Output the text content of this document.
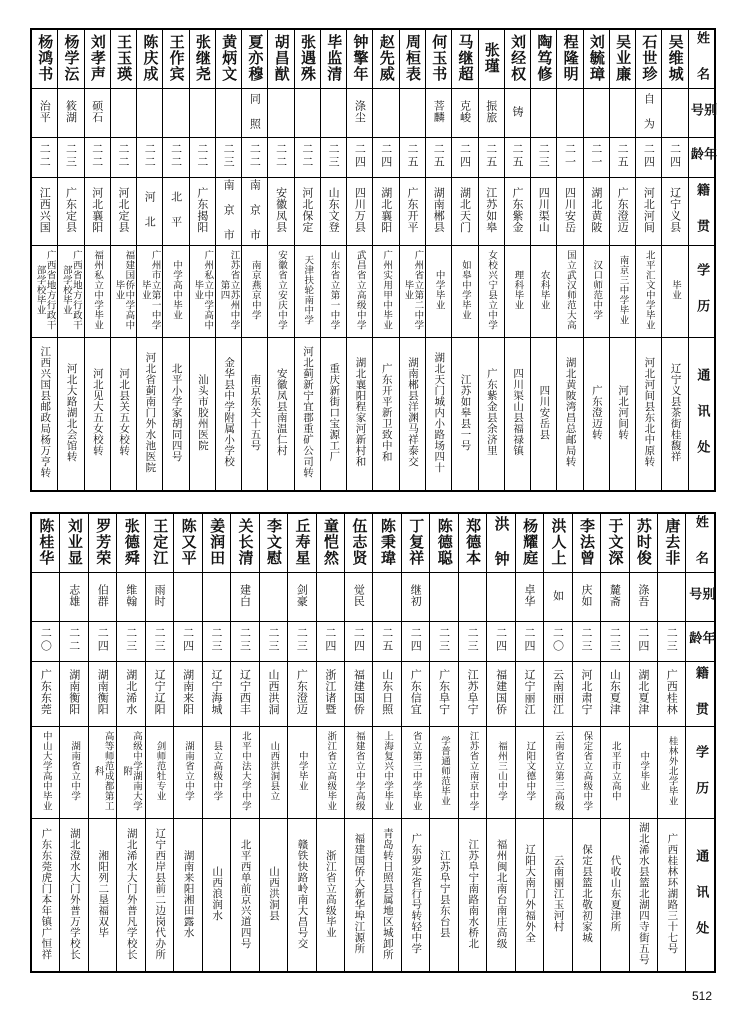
杨鸿书	杨学沄	刘孝声	王玉瑛	陈庆成	王作宾	张继尧	黄炳文	夏亦穆	胡昌猷	张遇殊	毕监清	钟擎年	赵先威	周桓表	何玉书	马继超	张瑾	刘经权	陶笃修	程隆明	刘毓璋	吴业廉	石世珍	吴维城	姓 名
治平	筱湖	硕石						同 照				涤尘			菩麟	克峻	振旅	铸					自 为		别 号
二二	二三	二二	二二	二二	二二	二二	二三	二二	二二	二二	二三	二四	二四	二五	二五	二四	二五	二五	二三	二一	二一	二五	二四	二四	年 龄
江西兴国	广东定县	河北襄阳	河北定县	河 北	北 平	广东揭阳	南 京 市	南 京 市	安徽凤县	河北保定	山东文登	四川万县	湖北襄阳	广东开平	湖南郴县	湖北天门	江苏如皋	广东紫金	四川渠山	四川安岳	湖北黄陂	广东澄迈	河北河间	辽宁义县	籍 贯
广西省地方行政干部学校毕业	广西省地方行政干部学校毕业	福州私立中学毕业	福建国侨中学高中毕业	广州市立第一中学毕业	中学高中毕业	广州私立中学高中毕业	江苏省立苏州中学第四	南京燕京中学	安徽省立安庆中学	天津扶轮南中学	山东省立第一中学	武昌省立高级中学	广州实用甲中毕业	广州省立第二中学毕业	中学毕业	如皋中学毕业	女校兴宁县立中学	理科毕业	农科毕业	国立武汉师范大高	汉口师范中学	南京三中学毕业	北平汇文中学毕业	毕业	学 历
江西兴国县邮政局杨万亨转	河北大路湖北会馆转	河北见大五女校转	河北县关五女校转	河北省蓟南门外水池医院	北平小学家胡同四号	汕头市胶州医院	金华县中学附属小学校	南京东关十五号	安徽凤县南温仁村	河北蓟新宁宜郡重矿公司转	重庆新街口宝源工厂	湖北襄阳程家河新村和	广东开平新卫致中和	湖南郴县洋渊马祥泰交	湖北天门城内小路场四十	江苏如皋县一号	广东紫金县余济里	四川渠山县福禄镇	四川安岳县	湖北黄陂湾昌总邮局转	广东澄迈转	河北河间转	河北河间县东北中原转	辽宁义县茶街桂馥祥	通 讯 处
陈桂华	刘业显	罗芳荣	张德舜	王定江	陈又平	姜润田	关长清	李文慰	丘寿星	童恺然	伍志贤	陈秉瑋	丁复祥	陈德聪	郑德本	洪 钟	杨耀庭	洪人上	李法曾	于文深	苏时俊	唐去非	姓 名
	志雄	伯群	维翰	雨时			建白		剑豪		觉民		继初				卓华	如	庆如	麓斋	涤吾		别 号
二〇	二二	二四	二三	二三	二四	二三	二三	二三	二三	二四	二四	二五	二四	二三	二三	二四	二四	二〇	二三	二三	二四	二三	年 龄
广东东莞	湖南衡阳	湖南衡阳	湖北浠水	辽宁辽阳	湖南来阳	辽宁海城	辽宁西丰	山西洪洞	广东澄迈	浙江诸暨	福建国侨	山东日照	广东信宜	广东阜宁	江苏阜宁	福建国侨	辽宁丽江	云南丽江	河北肃宁	山东夏津	湖北夏津	广西桂林	籍 贯
中山大学高中毕业	湖南省立中学	高等师范成都第工科	高级中学湖南大学附	剑师范牡专业	湖南省立中学	县立高级中学	北平中法大学中学	山西洪洞县立	中学毕业	浙江省立高级毕业	福建省立中学高级	上海复兴中学毕业	省立第三中学毕业	学普通师范毕业	江苏省立南京中学	福州三山中学	辽阳文德中学	云南省立第三高级	保定省立高级中学	北平市立高中	中学毕业	桂林外北学毕业	学 历
广东东莞虎门本年镇广恒祥	湖北澄水大门外普万学校长	湘阳列二垦福双毕	湖北浠水大门外普凡学校长	辽宁西岸县前二边岗代办所	湖南来阳湘田露水	山西浪润水	北平西单前京兴道四号	山西洪洞县	赣铁快路岭南大昌号交	浙江省立高级毕业	福建国侨大新华埠江源所	青岛转日照县属地区城卸所	广东罗定省行号转轻中学	江苏阜宁县东台县	江苏阜宁南路南水桥北	福州闽北南台南庄高级	辽阳大南门外福外全	云南丽江玉河村	保定县篮北敬初家城	代收山东夏津所	湖北浠水县篮北湖四寺街五号	广西桂林环湖路三十七号	通 讯 处
512
